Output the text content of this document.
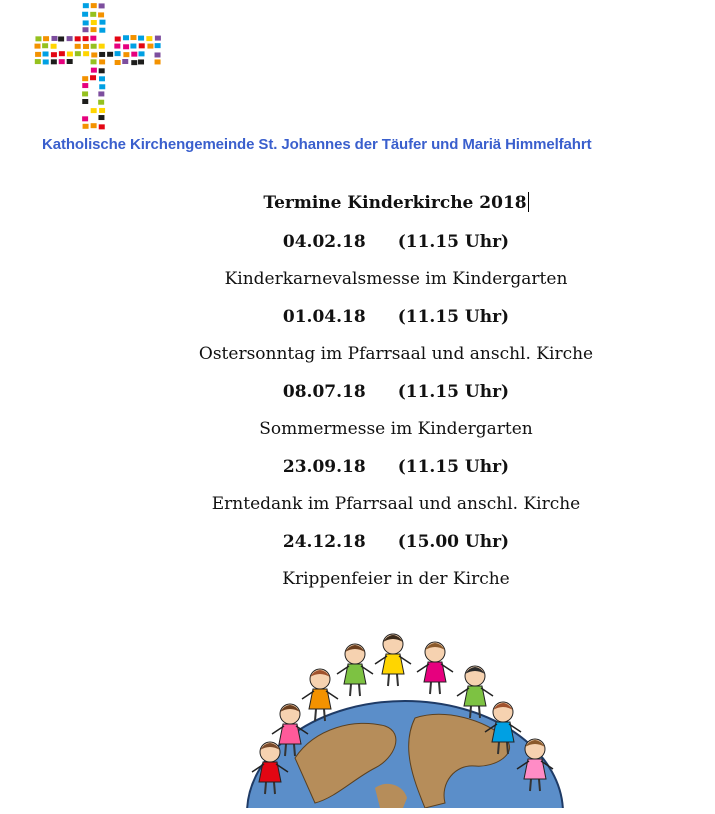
Katholische Kirchengemeinde St. Johannes der Täufer und Mariä Himmelfahrt
Termine Kinderkirche 2018
04.02.18 (11.15 Uhr)
Kinderkarnevalsmesse im Kindergarten
01.04.18 (11.15 Uhr)
Ostersonntag im Pfarrsaal und anschl. Kirche
08.07.18 (11.15 Uhr)
Sommermesse im Kindergarten
23.09.18 (11.15 Uhr)
Erntedank im Pfarrsaal und anschl. Kirche
24.12.18 (15.00 Uhr)
Krippenfeier in der Kirche
